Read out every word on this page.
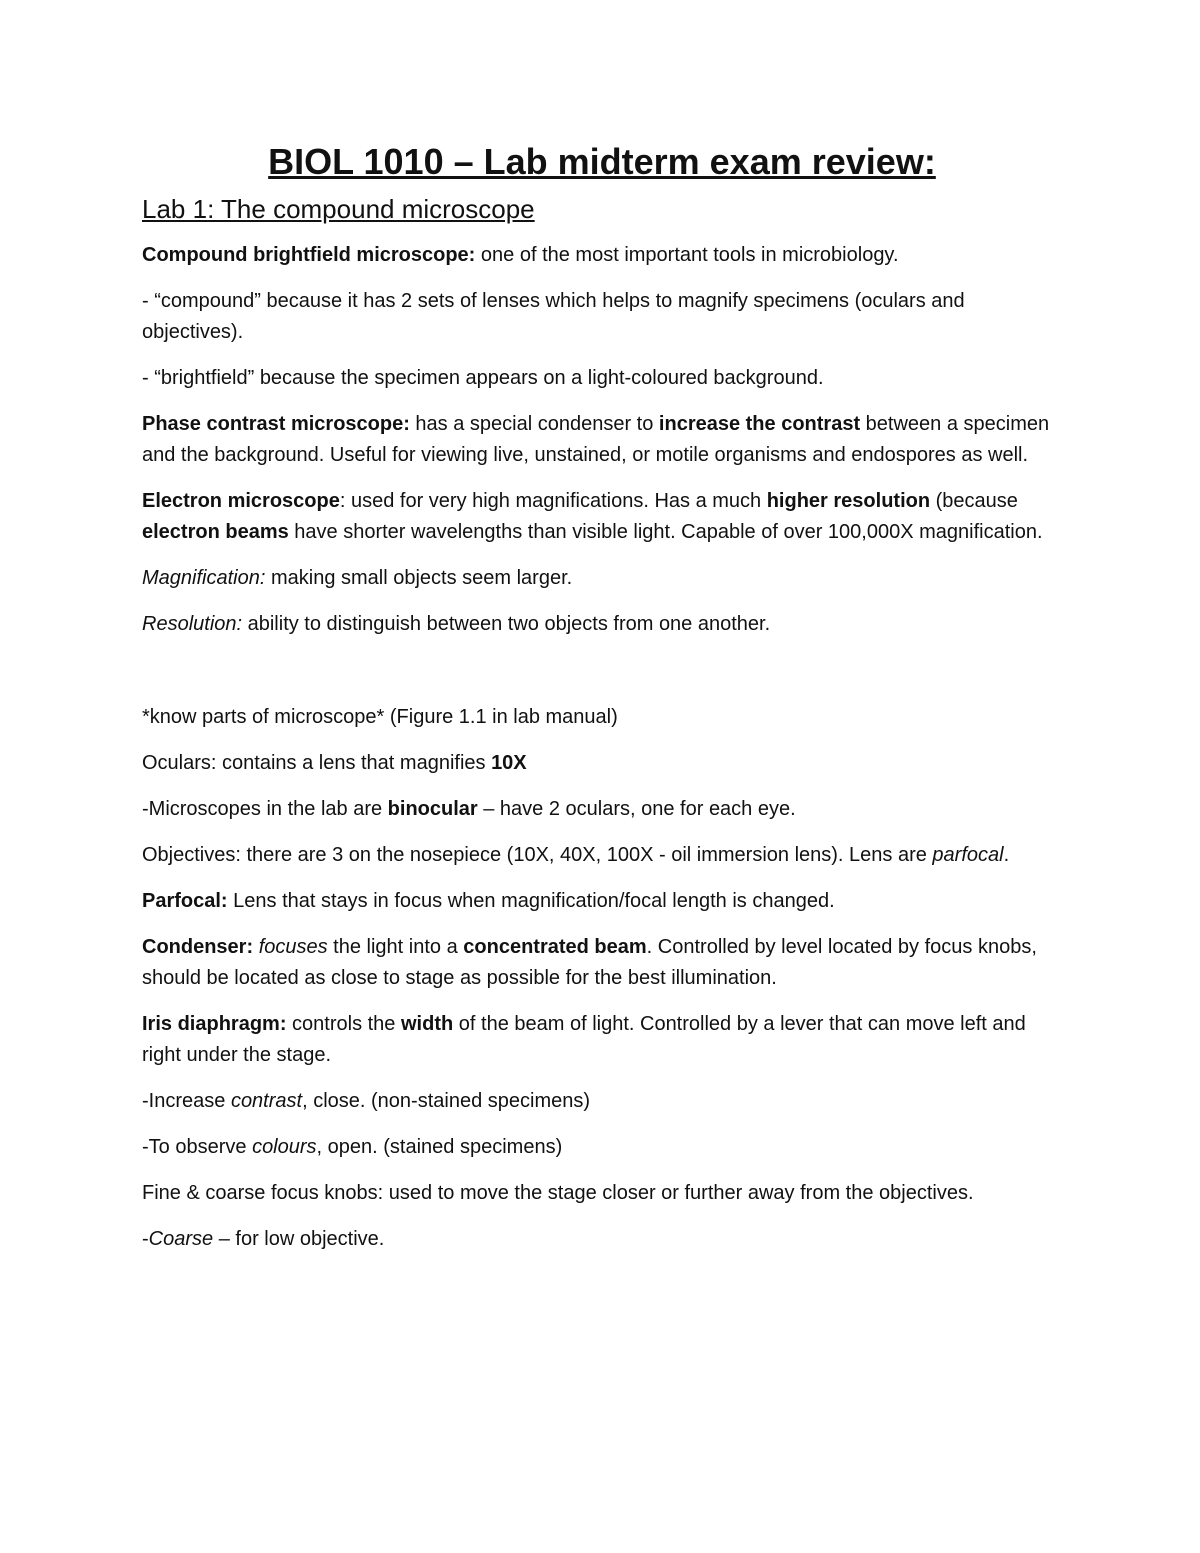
BIOL 1010 – Lab midterm exam review:
Lab 1: The compound microscope

Compound brightfield microscope: one of the most important tools in microbiology.

- “compound” because it has 2 sets of lenses which helps to magnify specimens (oculars and objectives).

- “brightfield” because the specimen appears on a light-coloured background.

Phase contrast microscope: has a special condenser to increase the contrast between a specimen and the background. Useful for viewing live, unstained, or motile organisms and endospores as well.

Electron microscope: used for very high magnifications. Has a much higher resolution (because electron beams have shorter wavelengths than visible light. Capable of over 100,000X magnification.

Magnification: making small objects seem larger.

Resolution: ability to distinguish between two objects from one another.

*know parts of microscope* (Figure 1.1 in lab manual)

Oculars: contains a lens that magnifies 10X

-Microscopes in the lab are binocular – have 2 oculars, one for each eye.

Objectives: there are 3 on the nosepiece (10X, 40X, 100X - oil immersion lens). Lens are parfocal.

Parfocal: Lens that stays in focus when magnification/focal length is changed.

Condenser: focuses the light into a concentrated beam. Controlled by level located by focus knobs, should be located as close to stage as possible for the best illumination.

Iris diaphragm: controls the width of the beam of light. Controlled by a lever that can move left and right under the stage.

-Increase contrast, close. (non-stained specimens)

-To observe colours, open. (stained specimens)

Fine & coarse focus knobs: used to move the stage closer or further away from the objectives.

-Coarse – for low objective.
